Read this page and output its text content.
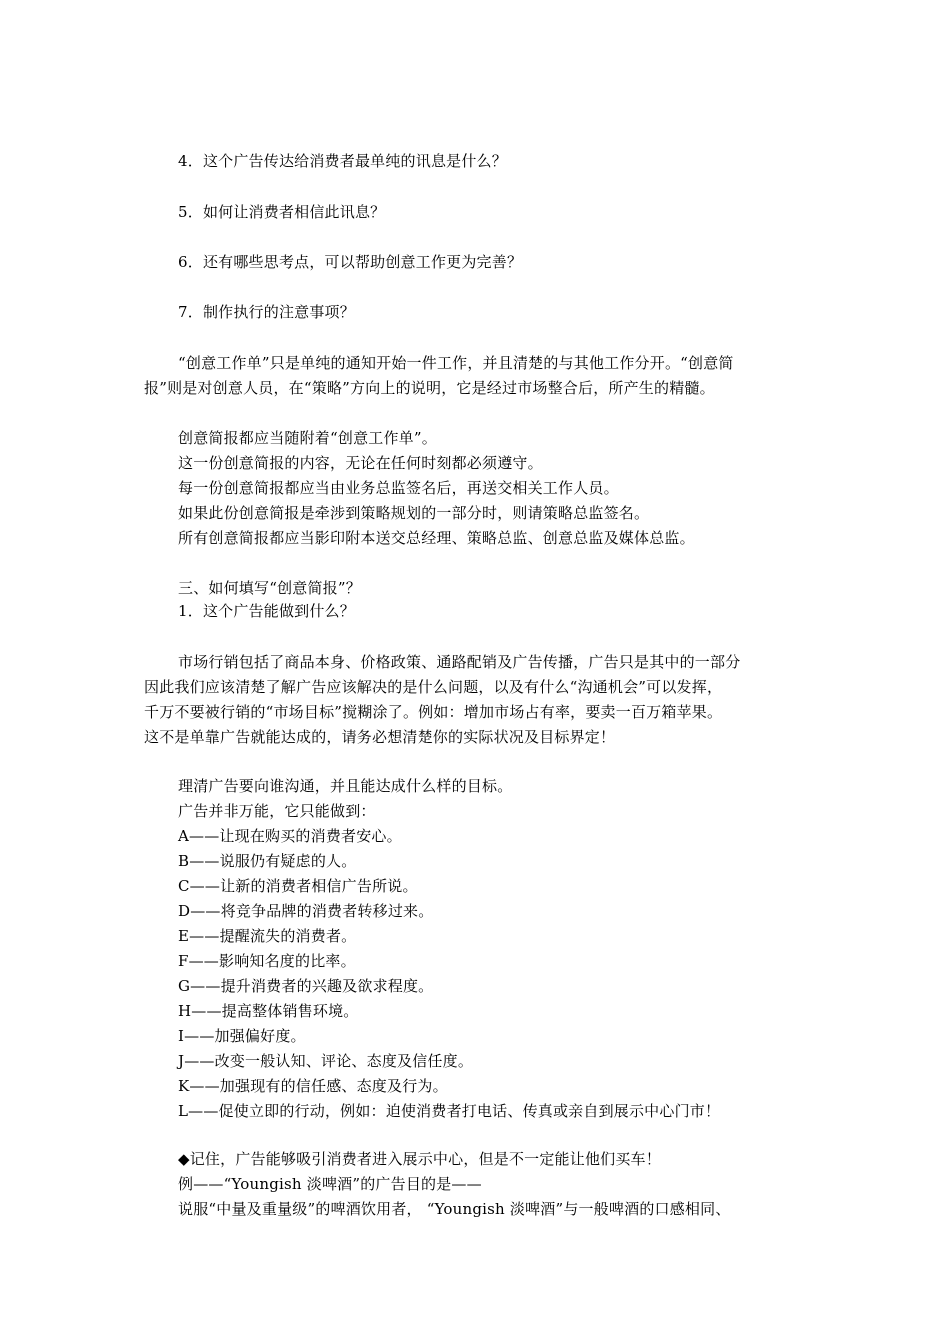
4．这个广告传达给消费者最单纯的讯息是什么？
5．如何让消费者相信此讯息？
6．还有哪些思考点，可以帮助创意工作更为完善？
7．制作执行的注意事项？
“创意工作单”只是单纯的通知开始一件工作，并且清楚的与其他工作分开。“创意简
报”则是对创意人员，在“策略”方向上的说明，它是经过市场整合后，所产生的精髓。
创意简报都应当随附着“创意工作单”。
这一份创意简报的内容，无论在任何时刻都必须遵守。
每一份创意简报都应当由业务总监签名后，再送交相关工作人员。
如果此份创意简报是牵涉到策略规划的一部分时，则请策略总监签名。
所有创意简报都应当影印附本送交总经理、策略总监、创意总监及媒体总监。
三、如何填写“创意简报”？
1．这个广告能做到什么？
市场行销包括了商品本身、价格政策、通路配销及广告传播，广告只是其中的一部分
因此我们应该清楚了解广告应该解决的是什么问题，以及有什么“沟通机会”可以发挥，
千万不要被行销的“市场目标”搅糊涂了。例如：增加市场占有率，要卖一百万箱苹果。
这不是单靠广告就能达成的，请务必想清楚你的实际状况及目标界定！
理清广告要向谁沟通，并且能达成什么样的目标。
广告并非万能，它只能做到：
A——让现在购买的消费者安心。
B——说服仍有疑虑的人。
C——让新的消费者相信广告所说。
D——将竞争品牌的消费者转移过来。
E——提醒流失的消费者。
F——影响知名度的比率。
G——提升消费者的兴趣及欲求程度。
H——提高整体销售环境。
I——加强偏好度。
J——改变一般认知、评论、态度及信任度。
K——加强现有的信任感、态度及行为。
L——促使立即的行动，例如：迫使消费者打电话、传真或亲自到展示中心门市！
◆记住，广告能够吸引消费者进入展示中心，但是不一定能让他们买车！
例——“Youngish 淡啤酒”的广告目的是——
说服“中量及重量级”的啤酒饮用者， “Youngish 淡啤酒”与一般啤酒的口感相同、
